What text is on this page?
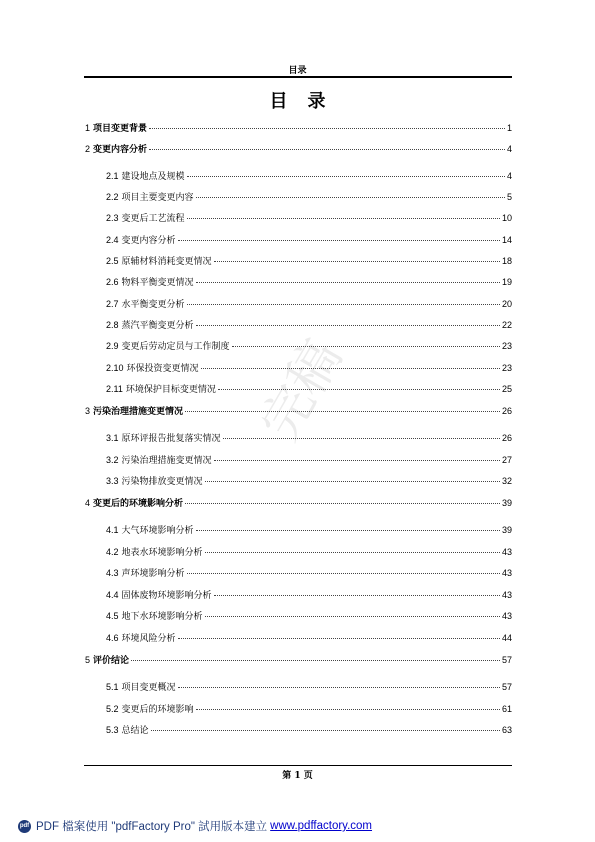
目录
目录
完稿
1 项目变更背景	1
2 变更内容分析	4
2.1 建设地点及规模	4
2.2 项目主要变更内容	5
2.3 变更后工艺流程	10
2.4 变更内容分析	14
2.5 原辅材料消耗变更情况	18
2.6 物料平衡变更情况	19
2.7 水平衡变更分析	20
2.8 蒸汽平衡变更分析	22
2.9 变更后劳动定员与工作制度	23
2.10 环保投资变更情况	23
2.11 环境保护目标变更情况	25
3 污染治理措施变更情况	26
3.1 原环评报告批复落实情况	26
3.2 污染治理措施变更情况	27
3.3 污染物排放变更情况	32
4 变更后的环境影响分析	39
4.1 大气环境影响分析	39
4.2 地表水环境影响分析	43
4.3 声环境影响分析	43
4.4 固体废物环境影响分析	43
4.5 地下水环境影响分析	43
4.6 环境风险分析	44
5 评价结论	57
5.1 项目变更概况	57
5.2 变更后的环境影响	61
5.3 总结论	63
第 1 页
pdf PDF 檔案使用 "pdfFactory Pro" 試用版本建立 www.pdffactory.com
